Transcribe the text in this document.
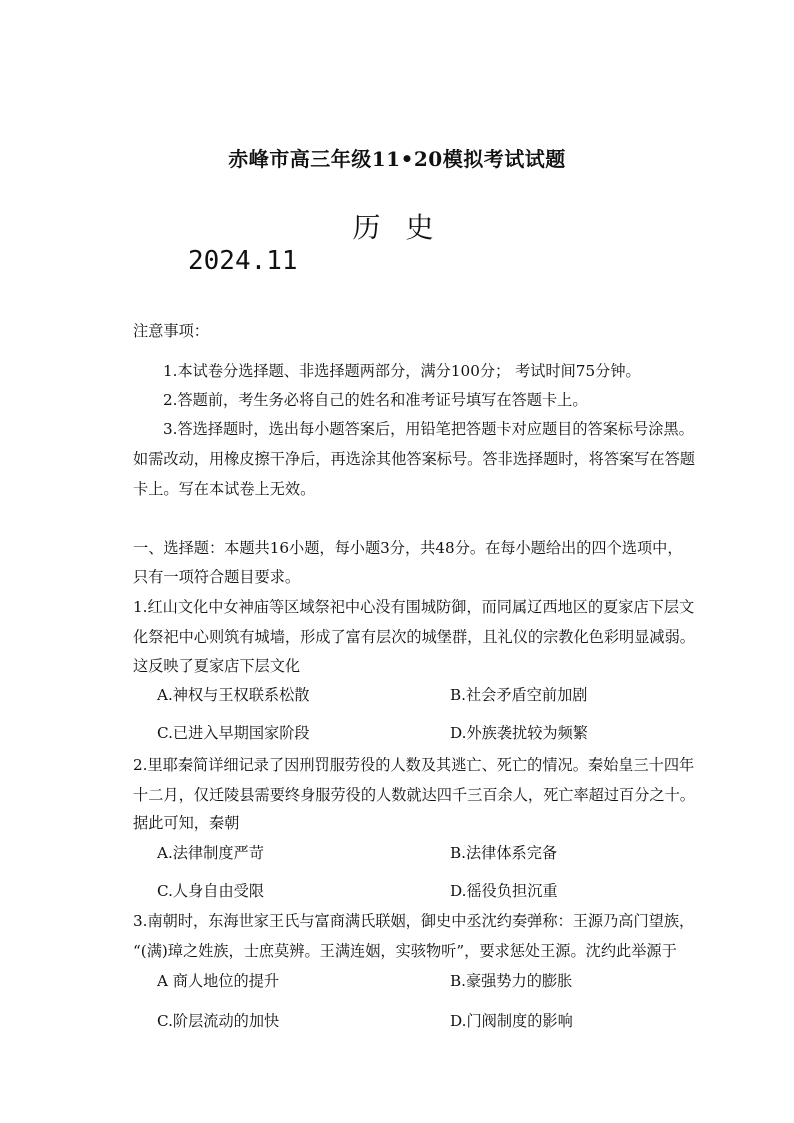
赤峰市高三年级11•20模拟考试试题
历 史
2024.11
注意事项：
1.本试卷分选择题、非选择题两部分，满分100分； 考试时间75分钟。
2.答题前，考生务必将自己的姓名和准考证号填写在答题卡上。
3.答选择题时，选出每小题答案后，用铅笔把答题卡对应题目的答案标号涂黑。
如需改动，用橡皮擦干净后，再选涂其他答案标号。答非选择题时，将答案写在答题
卡上。写在本试卷上无效。
一、选择题：本题共16小题，每小题3分，共48分。在每小题给出的四个选项中，
只有一项符合题目要求。
1.红山文化中女神庙等区域祭祀中心没有围城防御，而同属辽西地区的夏家店下层文
化祭祀中心则筑有城墙，形成了富有层次的城堡群，且礼仪的宗教化色彩明显减弱。
这反映了夏家店下层文化
A.神权与王权联系松散	B.社会矛盾空前加剧
C.已进入早期国家阶段	D.外族袭扰较为频繁
2.里耶秦简详细记录了因刑罚服劳役的人数及其逃亡、死亡的情况。秦始皇三十四年
十二月，仅迁陵县需要终身服劳役的人数就达四千三百余人，死亡率超过百分之十。
据此可知，秦朝
A.法律制度严苛	B.法律体系完备
C.人身自由受限	D.徭役负担沉重
3.南朝时，东海世家王氏与富商满氏联姻，御史中丞沈约奏弹称：王源乃高门望族，
“(满)璋之姓族，士庶莫辨。王满连姻，实骇物听”，要求惩处王源。沈约此举源于
A 商人地位的提升	B.豪强势力的膨胀
C.阶层流动的加快	D.门阀制度的影响
